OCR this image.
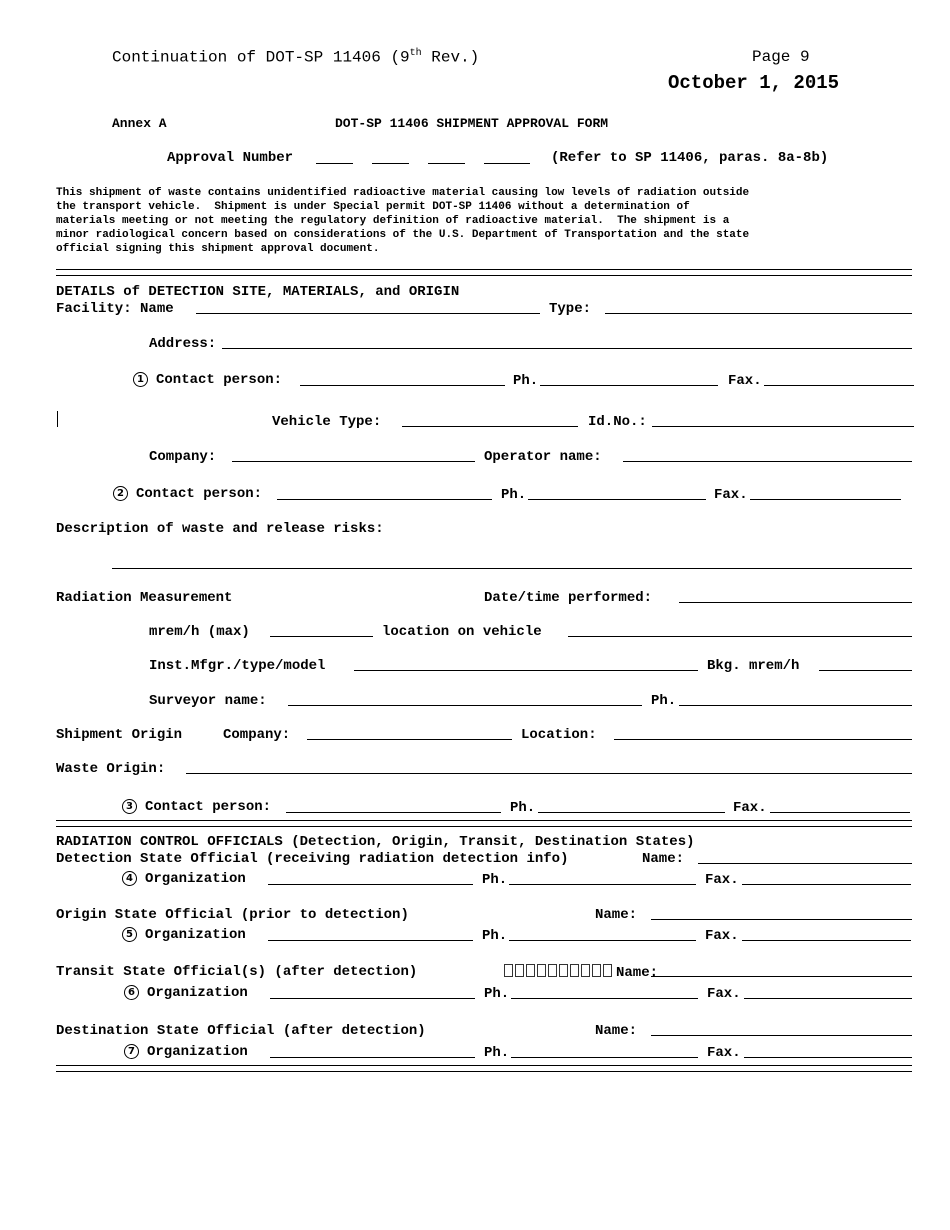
Continuation of DOT-SP 11406 (9th Rev.)	Page 9
October 1, 2015
Annex A	DOT-SP 11406 SHIPMENT APPROVAL FORM
Approval Number	(Refer to SP 11406, paras. 8a-8b)
This shipment of waste contains unidentified radioactive material causing low levels of radiation outside
the transport vehicle.  Shipment is under Special permit DOT-SP 11406 without a determination of
materials meeting or not meeting the regulatory definition of radioactive material.  The shipment is a
minor radiological concern based on considerations of the U.S. Department of Transportation and the state
official signing this shipment approval document.
DETAILS of DETECTION SITE, MATERIALS, and ORIGIN
Facility: Name	Type:
Address:
1 Contact person:	Ph.	Fax.
Vehicle Type:	Id.No.:
Company:	Operator name:
2 Contact person:	Ph.	Fax.
Description of waste and release risks:
Radiation Measurement	Date/time performed:
mrem/h (max)	location on vehicle
Inst.Mfgr./type/model	Bkg. mrem/h
Surveyor name:	Ph.
Shipment Origin	Company:	Location:
Waste Origin:
3 Contact person:	Ph.	Fax.
RADIATION CONTROL OFFICIALS (Detection, Origin, Transit, Destination States)
Detection State Official (receiving radiation detection info)	Name:
4 Organization	Ph.	Fax.
Origin State Official (prior to detection)	Name:
5 Organization	Ph.	Fax.
Transit State Official(s) (after detection)	Name:
6 Organization	Ph.	Fax.
Destination State Official (after detection)	Name:
7 Organization	Ph.	Fax.
